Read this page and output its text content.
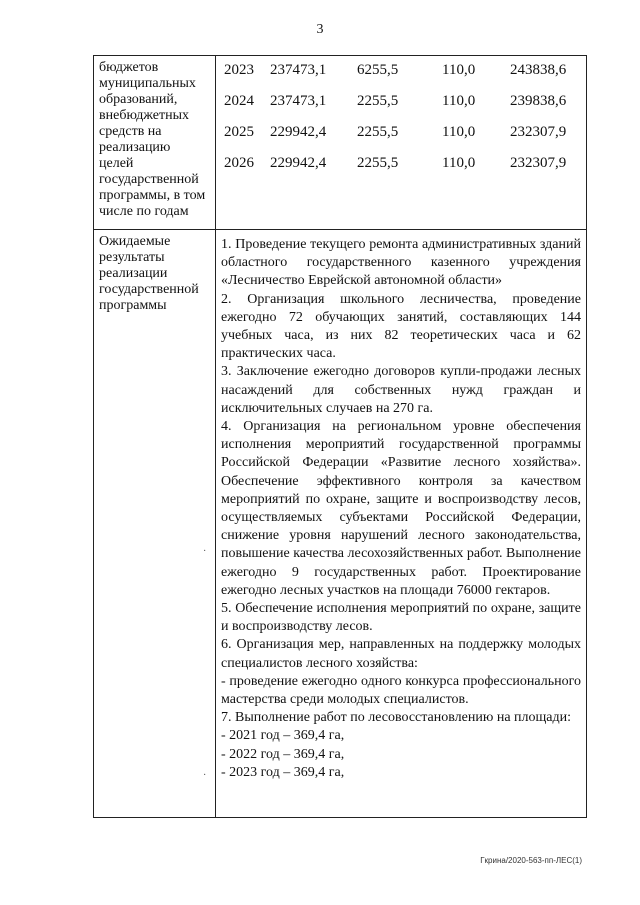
3
бюджетов
муниципальных
образований,
внебюджетных
средств на
реализацию
целей
государственной
программы, в том
числе по годам
2023 237473,1 6255,5	110,0 243838,6
2024 237473,1 2255,5	110,0 239838,6
2025 229942,4 2255,5	110,0 232307,9
2026 229942,4 2255,5	110,0 232307,9
Ожидаемые
результаты
реализации
государственной
программы

1. Проведение текущего ремонта административных зданий областного государственного казенного учреждения «Лесничество Еврейской автономной области»

2. Организация школьного лесничества, проведение ежегодно 72 обучающих занятий, составляющих 144 учебных часа, из них 82 теоретических часа и 62 практических часа.

3. Заключение ежегодно договоров купли-продажи лесных насаждений для собственных нужд граждан и исключительных случаев на 270 га.

4. Организация на региональном уровне обеспечения исполнения мероприятий государственной программы Российской Федерации «Развитие лесного хозяйства». Обеспечение эффективного контроля за качеством мероприятий по охране, защите и воспроизводству лесов, осуществляемых субъектами Российской Федерации, снижение уровня нарушений лесного законодательства, повышение качества лесохозяйственных работ. Выполнение ежегодно 9 государственных работ. Проектирование ежегодно лесных участков на площади 76000 гектаров.

5. Обеспечение исполнения мероприятий по охране, защите и воспроизводству лесов.

6. Организация мер, направленных на поддержку молодых специалистов лесного хозяйства:

- проведение ежегодно одного конкурса профессионального мастерства среди молодых специалистов.

7. Выполнение работ по лесовосстановлению на площади:

- 2021 год – 369,4 га,

- 2022 год – 369,4 га,

- 2023 год – 369,4 га,

·
·
Гкрина/2020-563-пп-ЛЕС(1)
